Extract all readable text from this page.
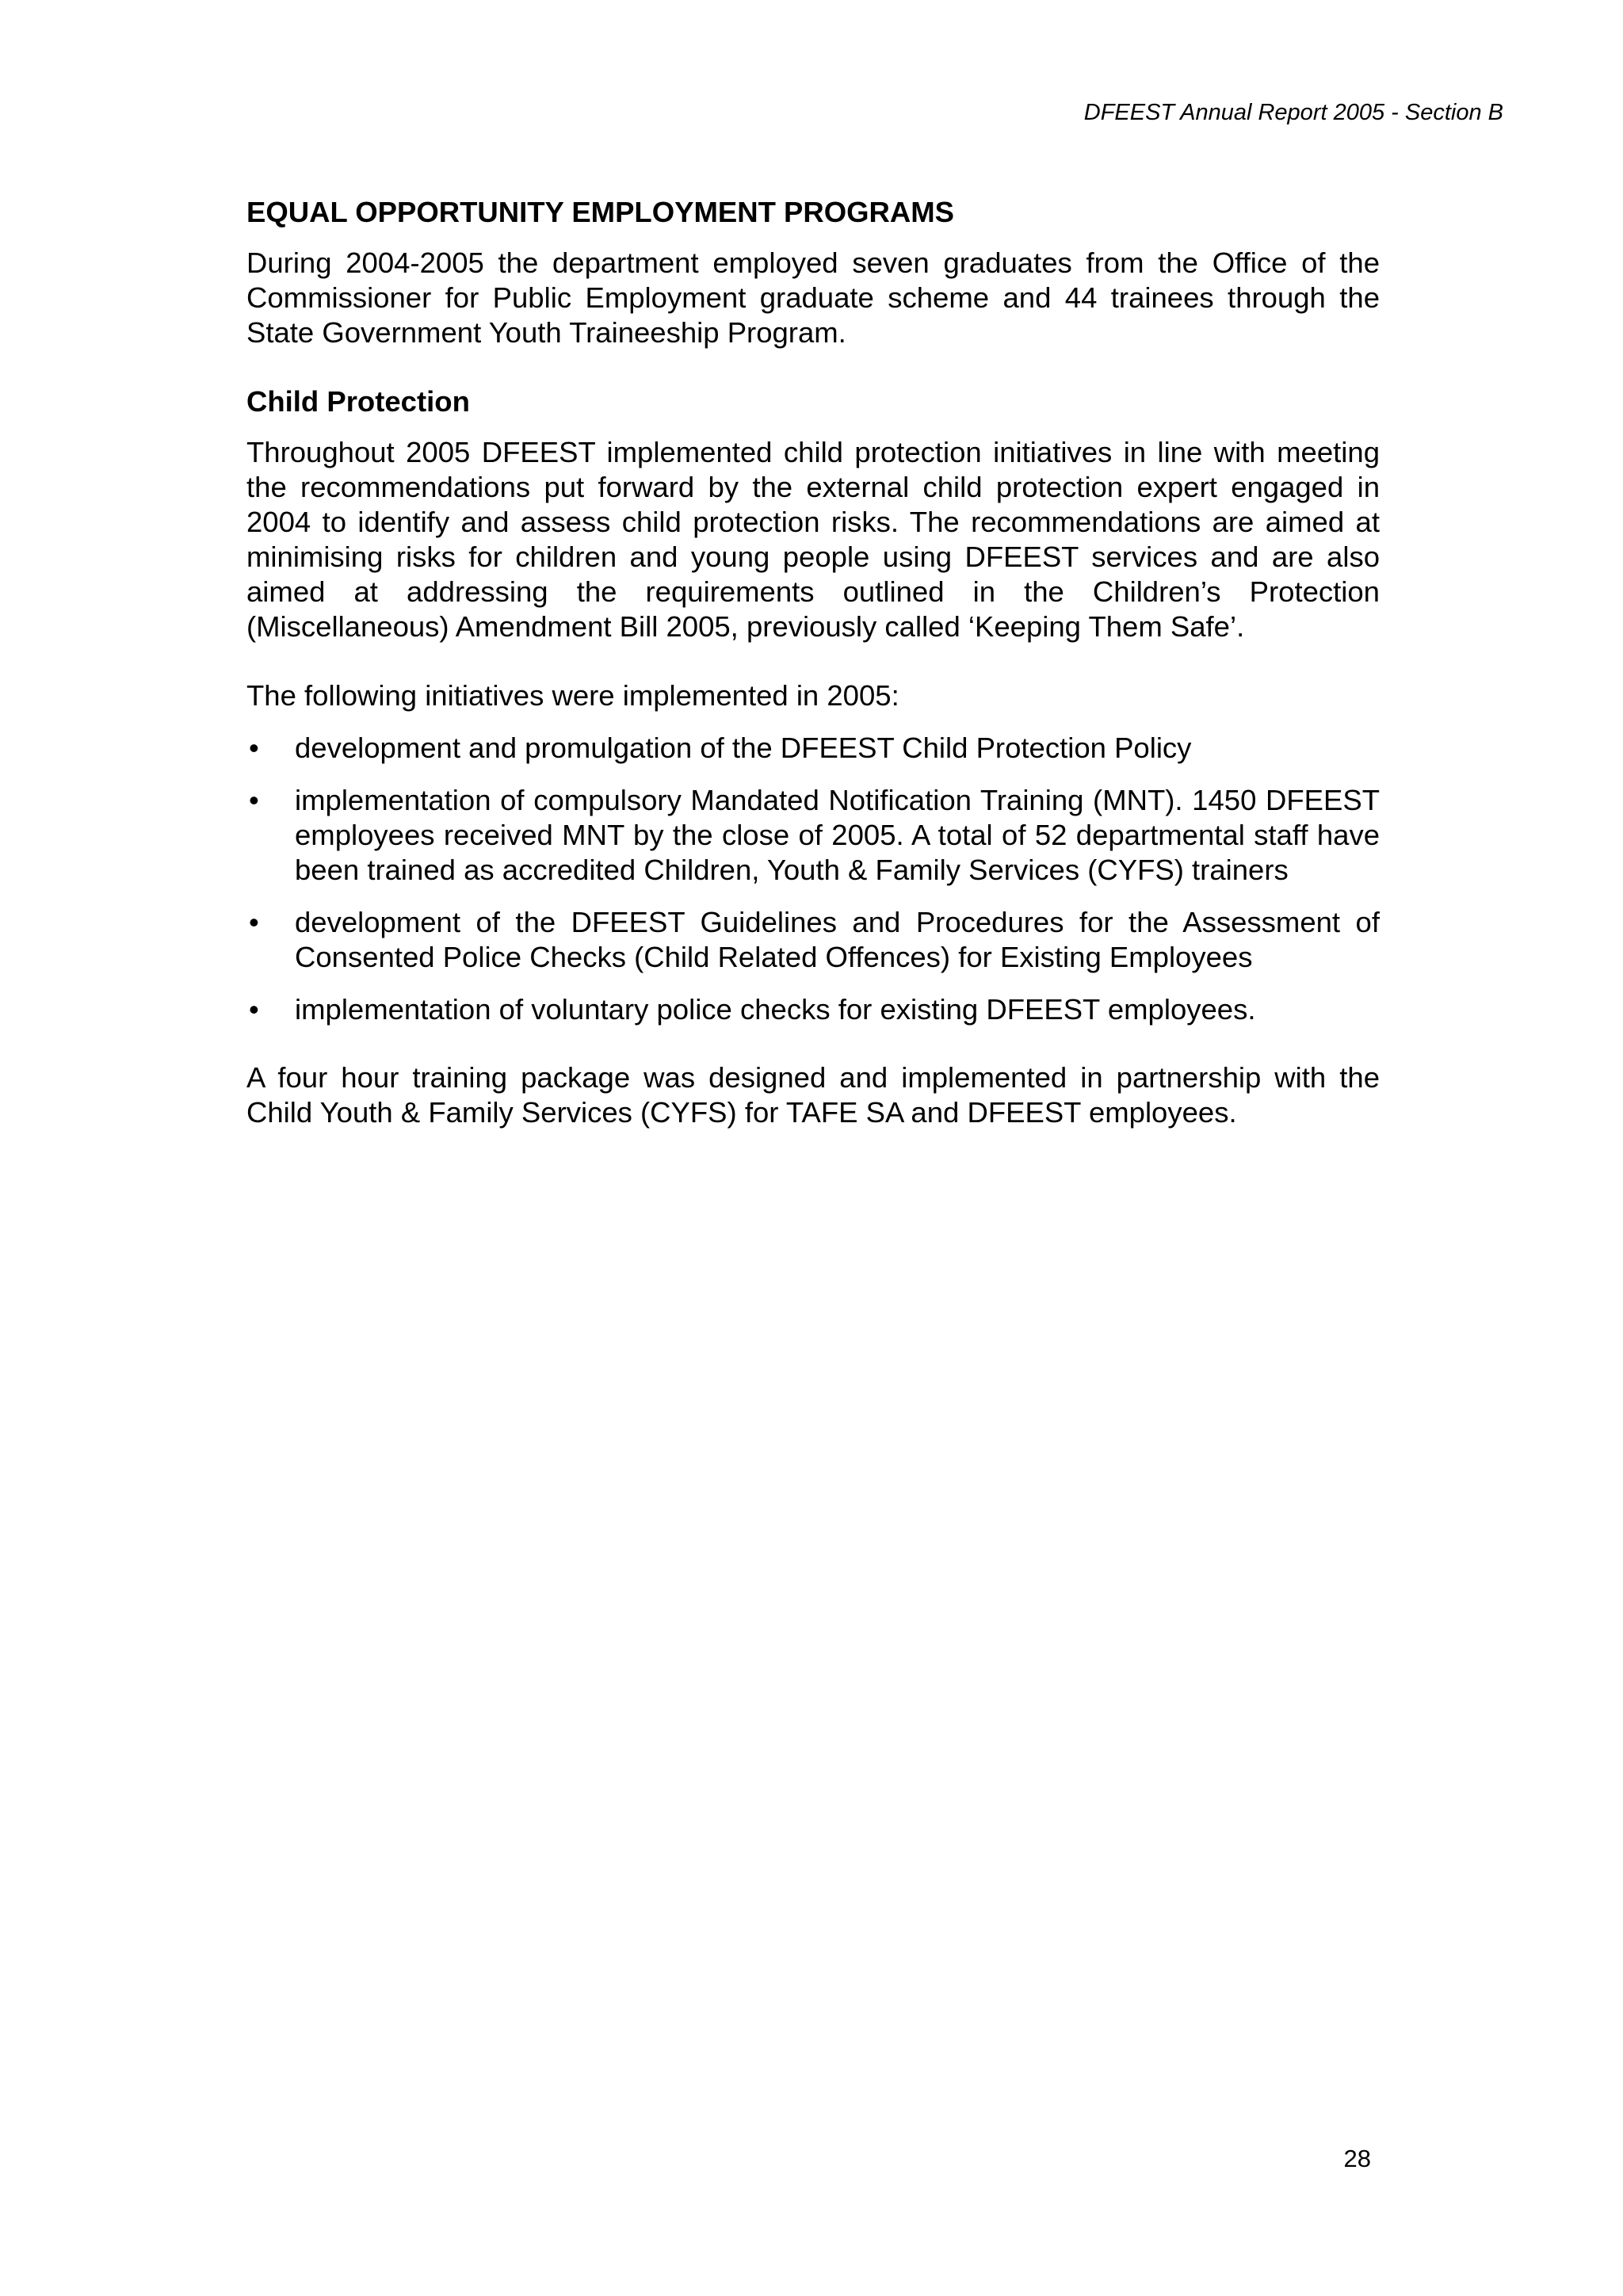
DFEEST Annual Report 2005 - Section B
EQUAL OPPORTUNITY EMPLOYMENT PROGRAMS

During 2004-2005 the department employed seven graduates from the Office of the Commissioner for Public Employment graduate scheme and 44 trainees through the State Government Youth Traineeship Program.

Child Protection

Throughout 2005 DFEEST implemented child protection initiatives in line with meeting the recommendations put forward by the external child protection expert engaged in 2004 to identify and assess child protection risks. The recommendations are aimed at minimising risks for children and young people using DFEEST services and are also aimed at addressing the requirements outlined in the Children’s Protection (Miscellaneous) Amendment Bill 2005, previously called ‘Keeping Them Safe’.

The following initiatives were implemented in 2005:

• development and promulgation of the DFEEST Child Protection Policy
• implementation of compulsory Mandated Notification Training (MNT). 1450 DFEEST employees received MNT by the close of 2005. A total of 52 departmental staff have been trained as accredited Children, Youth & Family Services (CYFS) trainers
• development of the DFEEST Guidelines and Procedures for the Assessment of Consented Police Checks (Child Related Offences) for Existing Employees
• implementation of voluntary police checks for existing DFEEST employees.

A four hour training package was designed and implemented in partnership with the Child Youth & Family Services (CYFS) for TAFE SA and DFEEST employees.

28
